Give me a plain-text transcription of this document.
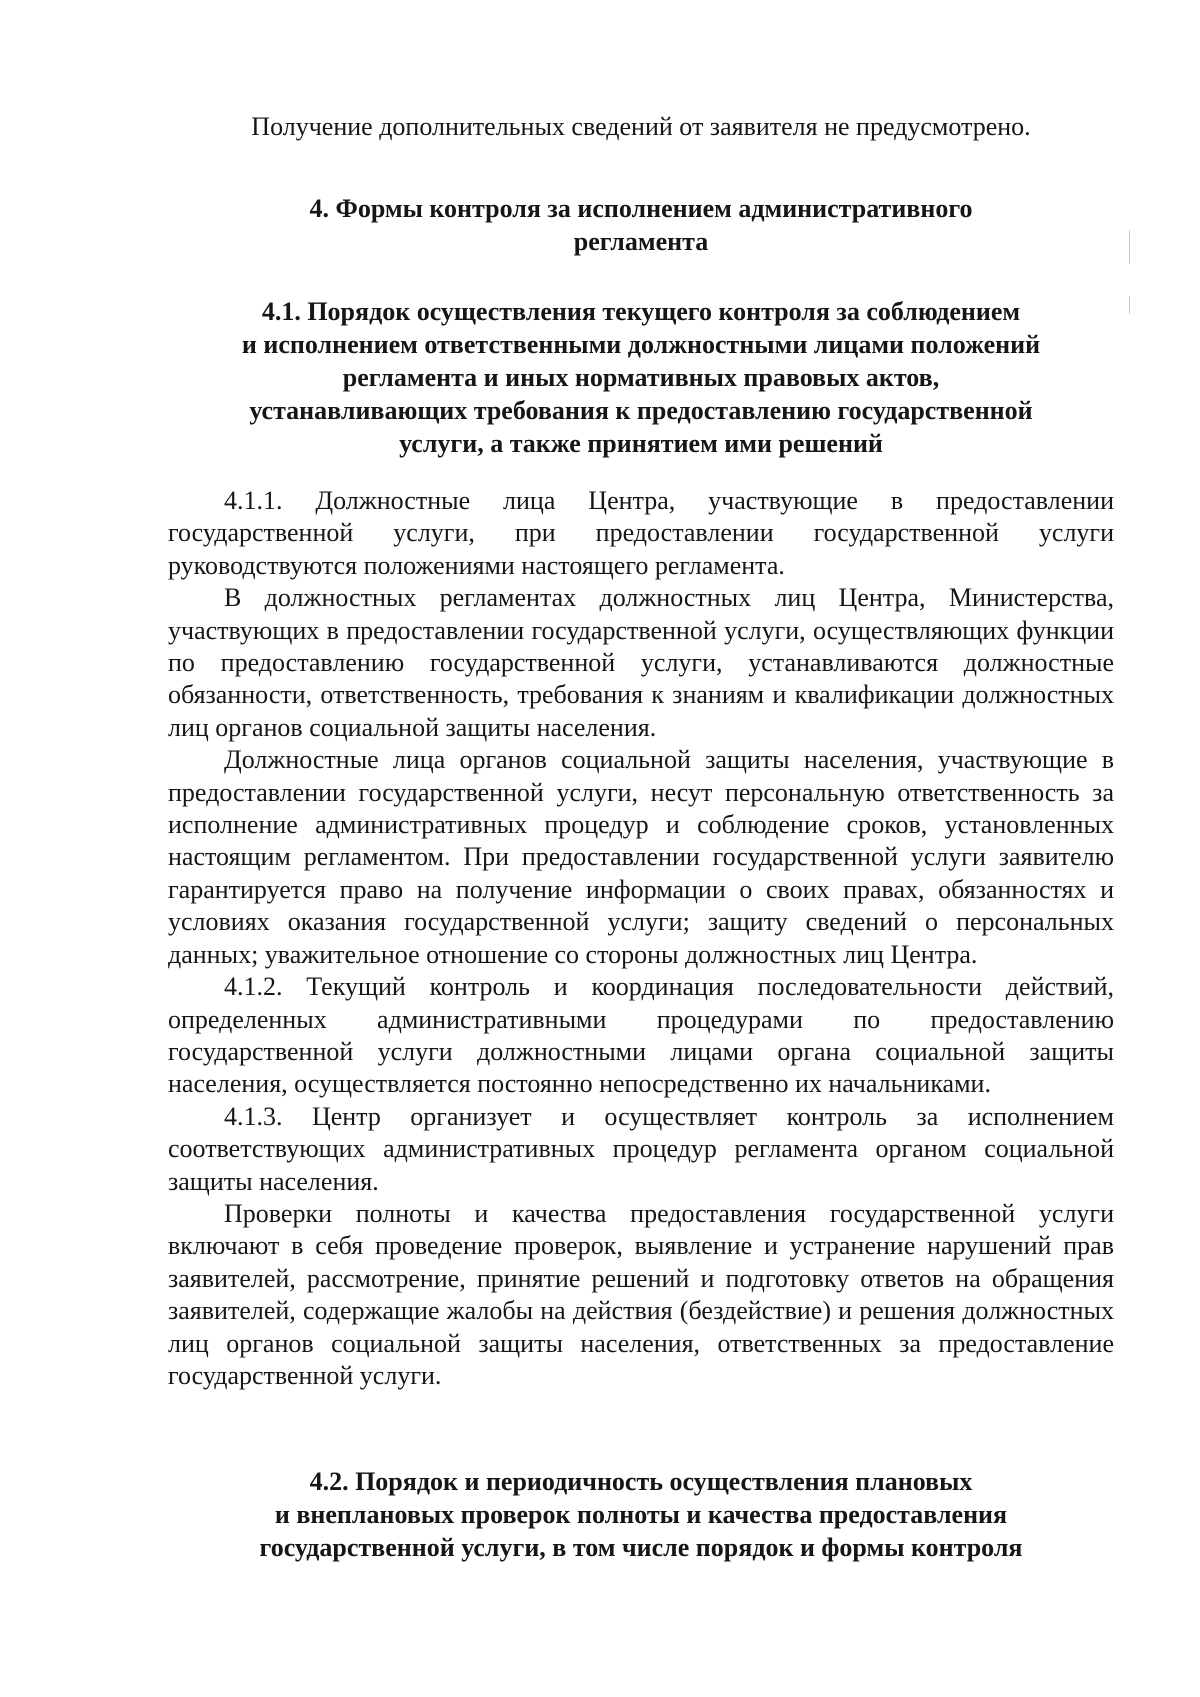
Получение дополнительных сведений от заявителя не предусмотрено.

4. Формы контроля за исполнением административного
регламента

4.1. Порядок осуществления текущего контроля за соблюдением
и исполнением ответственными должностными лицами положений
регламента и иных нормативных правовых актов,
устанавливающих требования к предоставлению государственной
услуги, а также принятием ими решений

4.1.1. Должностные лица Центра, участвующие в предоставлении государственной услуги, при предоставлении государственной услуги руководствуются положениями настоящего регламента.

В должностных регламентах должностных лиц Центра, Министерства, участвующих в предоставлении государственной услуги, осуществляющих функции по предоставлению государственной услуги, устанавливаются должностные обязанности, ответственность, требования к знаниям и квалификации должностных лиц органов социальной защиты населения.

Должностные лица органов социальной защиты населения, участвующие в предоставлении государственной услуги, несут персональную ответственность за исполнение административных процедур и соблюдение сроков, установленных настоящим регламентом. При предоставлении государственной услуги заявителю гарантируется право на получение информации о своих правах, обязанностях и условиях оказания государственной услуги; защиту сведений о персональных данных; уважительное отношение со стороны должностных лиц Центра.

4.1.2. Текущий контроль и координация последовательности действий, определенных административными процедурами по предоставлению государственной услуги должностными лицами органа социальной защиты населения, осуществляется постоянно непосредственно их начальниками.

4.1.3. Центр организует и осуществляет контроль за исполнением соответствующих административных процедур регламента органом социальной защиты населения.

Проверки полноты и качества предоставления государственной услуги включают в себя проведение проверок, выявление и устранение нарушений прав заявителей, рассмотрение, принятие решений и подготовку ответов на обращения заявителей, содержащие жалобы на действия (бездействие) и решения должностных лиц органов социальной защиты населения, ответственных за предоставление государственной услуги.

4.2. Порядок и периодичность осуществления плановых
и внеплановых проверок полноты и качества предоставления
государственной услуги, в том числе порядок и формы контроля
